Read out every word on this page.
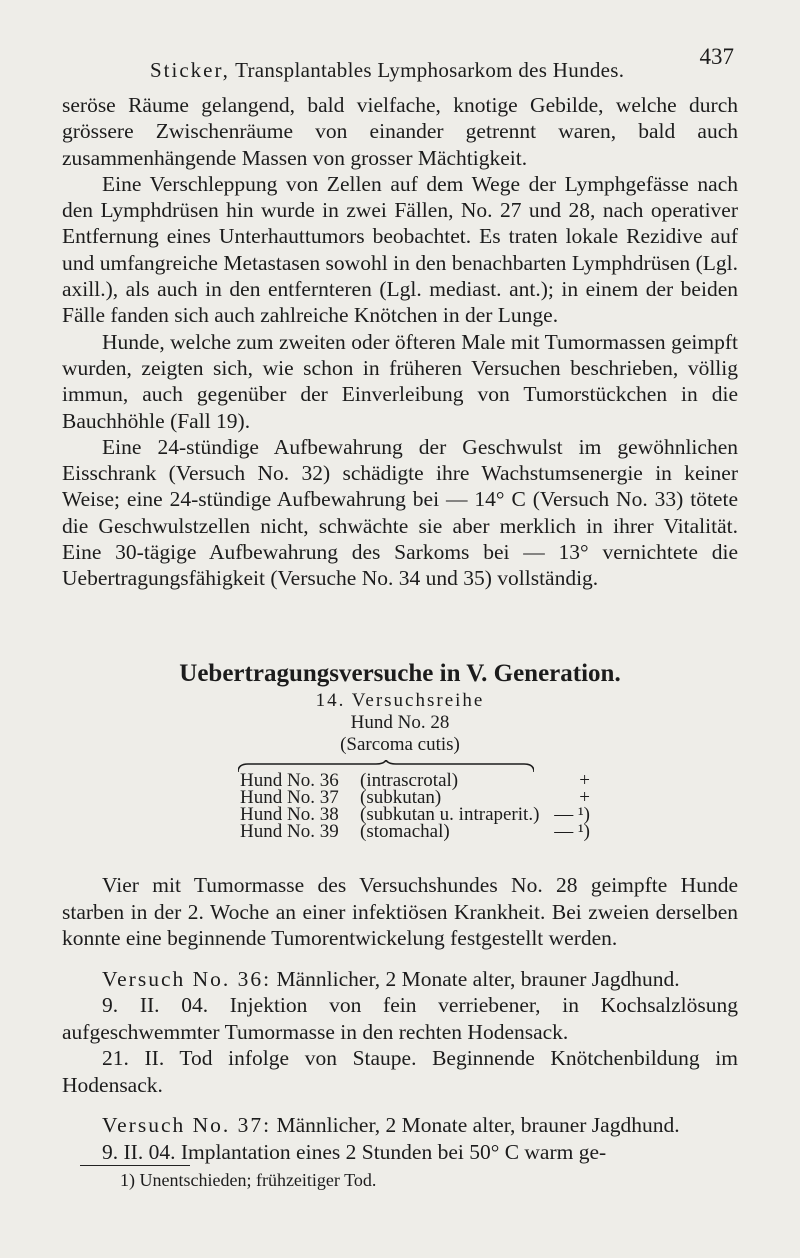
Sticker, Transplantables Lymphosarkom des Hundes.
437

seröse Räume gelangend, bald vielfache, knotige Gebilde, welche durch grössere Zwischenräume von einander getrennt waren, bald auch zusammenhängende Massen von grosser Mächtigkeit.

Eine Verschleppung von Zellen auf dem Wege der Lymphgefässe nach den Lymphdrüsen hin wurde in zwei Fällen, No. 27 und 28, nach operativer Entfernung eines Unterhauttumors beobachtet. Es traten lokale Rezidive auf und umfangreiche Metastasen sowohl in den benachbarten Lymphdrüsen (Lgl. axill.), als auch in den entfernteren (Lgl. mediast. ant.); in einem der beiden Fälle fanden sich auch zahlreiche Knötchen in der Lunge.

Hunde, welche zum zweiten oder öfteren Male mit Tumormassen geimpft wurden, zeigten sich, wie schon in früheren Versuchen beschrieben, völlig immun, auch gegenüber der Einverleibung von Tumorstückchen in die Bauchhöhle (Fall 19).

Eine 24-stündige Aufbewahrung der Geschwulst im gewöhnlichen Eisschrank (Versuch No. 32) schädigte ihre Wachstumsenergie in keiner Weise; eine 24-stündige Aufbewahrung bei — 14° C (Versuch No. 33) tötete die Geschwulstzellen nicht, schwächte sie aber merklich in ihrer Vitalität. Eine 30-tägige Aufbewahrung des Sarkoms bei — 13° vernichtete die Uebertragungsfähigkeit (Versuche No. 34 und 35) vollständig.

Uebertragungsversuche in V. Generation.
14. Versuchsreihe
Hund No. 28
(Sarcoma cutis)
Hund No. 36 (intrascrotal)	+
Hund No. 37 (subkutan)	+
Hund No. 38 (subkutan u. intraperit.) — ¹)
Hund No. 39 (stomachal)	— ¹)

Vier mit Tumormasse des Versuchshundes No. 28 geimpfte Hunde starben in der 2. Woche an einer infektiösen Krankheit. Bei zweien derselben konnte eine beginnende Tumorentwickelung festgestellt werden.

Versuch No. 36: Männlicher, 2 Monate alter, brauner Jagdhund.

9. II. 04. Injektion von fein verriebener, in Kochsalzlösung aufgeschwemmter Tumormasse in den rechten Hodensack.

21. II. Tod infolge von Staupe. Beginnende Knötchenbildung im Hodensack.

Versuch No. 37: Männlicher, 2 Monate alter, brauner Jagdhund.

9. II. 04. Implantation eines 2 Stunden bei 50° C warm ge-

1) Unentschieden; frühzeitiger Tod.
